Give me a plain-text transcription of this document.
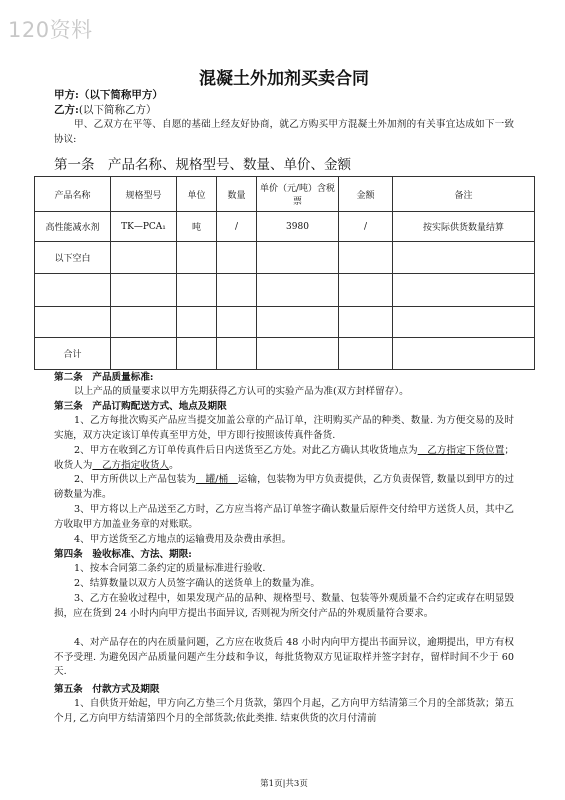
120资料
混凝土外加剂买卖合同
甲方:（以下简称甲方）
乙方:(以下简称乙方）
甲、乙双方在平等、自愿的基础上经友好协商，就乙方购买甲方混凝土外加剂的有关事宜达成如下一致协议:
第一条　产品名称、规格型号、数量、单价、金额
产品名称	规格型号	单位	数量	单价（元/吨）含税票	金额	备注
高性能减水剂	TK—PCA₁	吨	/	3980	/	按实际供货数量结算
以下空白						

合计						
第二条　产品质量标准:
以上产品的质量要求以甲方先期获得乙方认可的实验产品为准(双方封样留存）。
第三条　产品订购配送方式、地点及期限
1、乙方每批次购买产品应当提交加盖公章的产品订单，注明购买产品的种类、数量. 为方便交易的及时实施，双方决定该订单传真至甲方处，甲方即行按照该传真件备货.
2、甲方在收到乙方订单传真件后日内送货至乙方处。对此乙方确认其收货地点为　乙方指定下货位置；收货人为　乙方指定收货人。
2、甲方所供以上产品包装为　罐/桶　运输，包装物为甲方负责提供，乙方负责保管, 数量以到甲方的过磅数量为准。
3、甲方将以上产品送至乙方时，乙方应当将产品订单签字确认数量后原件交付给甲方送货人员，其中乙方收取甲方加盖业务章的对账联。
4、甲方送货至乙方地点的运输费用及杂费由承担。
第四条　验收标准、方法、期限:
1、按本合同第二条约定的质量标准进行验收.
2、结算数量以双方人员签字确认的送货单上的数量为准。
3、乙方在验收过程中，如果发现产品的品种、规格型号、数量、包装等外观质量不合约定或存在明显毁损，应在货到 24 小时内向甲方提出书面异议, 否则视为所交付产品的外观质量符合要求。
4、对产品存在的内在质量问题，乙方应在收货后 48 小时内向甲方提出书面异议，逾期提出，甲方有权不予受理. 为避免因产品质量问题产生分歧和争议，每批货物双方见证取样并签字封存，留样时间不少于 60 天.
第五条　付款方式及期限
1、自供货开始起，甲方向乙方垫三个月货款，第四个月起，乙方向甲方结清第三个月的全部货款；第五个月, 乙方向甲方结清第四个月的全部货款;依此类推. 结束供货的次月付清前
第1页|共3页
